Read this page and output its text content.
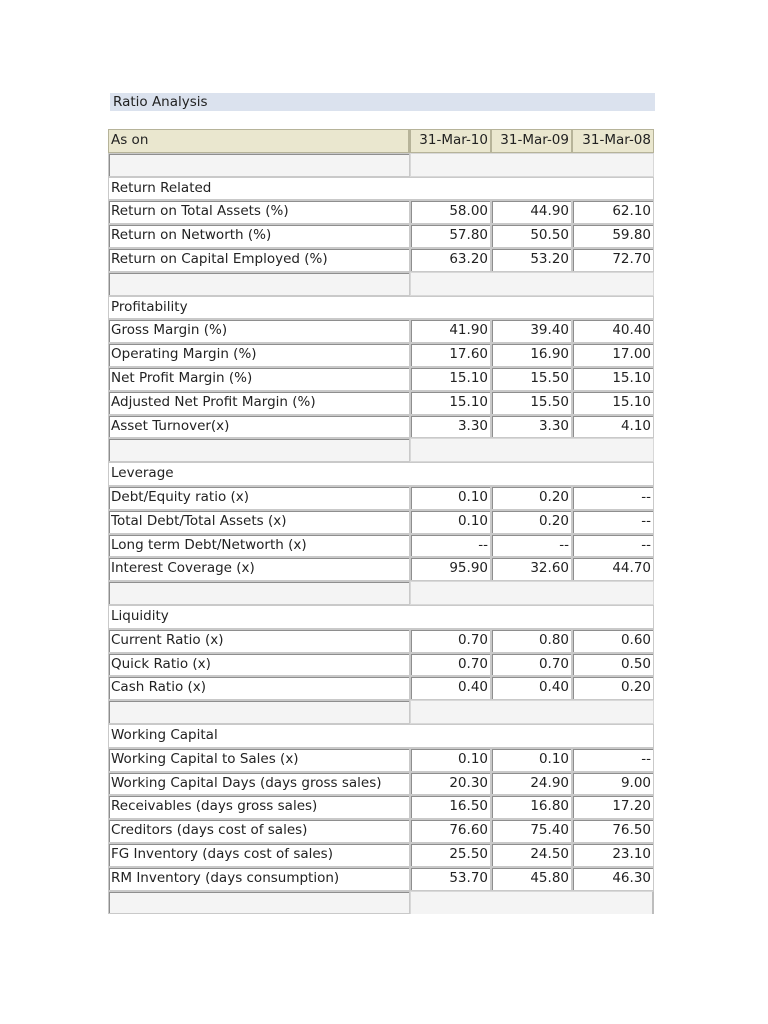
Ratio Analysis
As on	31-Mar-10 31-Mar-09 31-Mar-08
Return Related
Return on Total Assets (%)	58.00	44.90	62.10
Return on Networth (%)	57.80	50.50	59.80
Return on Capital Employed (%)	63.20	53.20	72.70
Profitability
Gross Margin (%)	41.90	39.40	40.40
Operating Margin (%)	17.60	16.90	17.00
Net Profit Margin (%)	15.10	15.50	15.10
Adjusted Net Profit Margin (%)	15.10	15.50	15.10
Asset Turnover(x)	3.30	3.30	4.10
Leverage
Debt/Equity ratio (x)	0.10	0.20	--
Total Debt/Total Assets (x)	0.10	0.20	--
Long term Debt/Networth (x)	--	--	--
Interest Coverage (x)	95.90	32.60	44.70
Liquidity
Current Ratio (x)	0.70	0.80	0.60
Quick Ratio (x)	0.70	0.70	0.50
Cash Ratio (x)	0.40	0.40	0.20
Working Capital
Working Capital to Sales (x)	0.10	0.10	--
Working Capital Days (days gross sales)	20.30	24.90	9.00
Receivables (days gross sales)	16.50	16.80	17.20
Creditors (days cost of sales)	76.60	75.40	76.50
FG Inventory (days cost of sales)	25.50	24.50	23.10
RM Inventory (days consumption)	53.70	45.80	46.30
